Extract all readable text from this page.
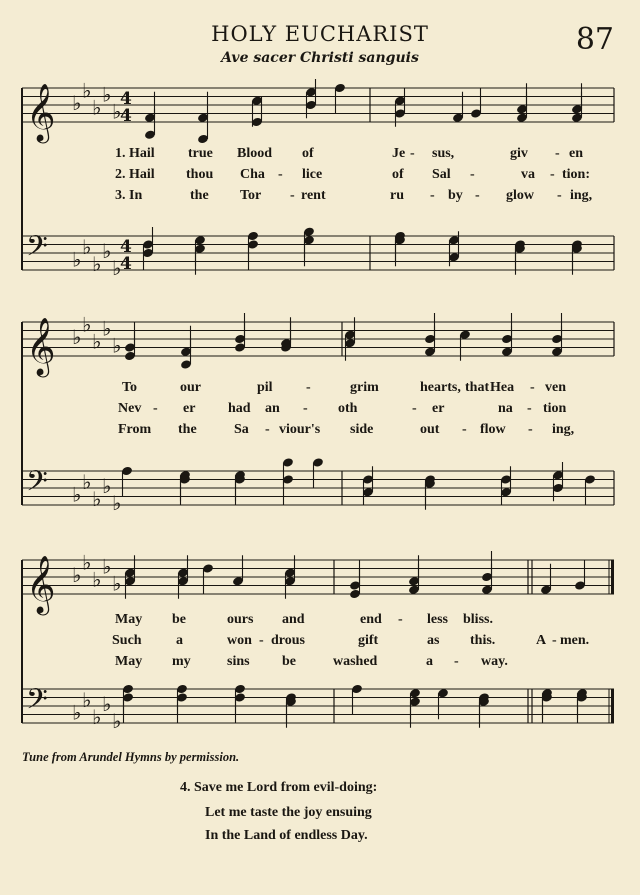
HOLY EUCHARIST
Ave sacer Christi sanguis
87
𝄞 ♭
♭
♭
♭
♭
4
4
𝄢 ♭
♭
♭
♭
♭
4
4
𝄞 ♭
♭
♭
♭
♭
𝄢 ♭
♭
♭
♭
♭
𝄞 ♭
♭
♭
♭
♭
𝄢 ♭
♭
♭
♭
♭
1. Hail true Blood of	Je - sus,	giv - en
2. Hail thou Cha - lice	of Sal -	va - tion:
3. In	the Tor - rent	ru - by - glow - ing,
To	our	pil -	grim	hearts, that Hea - ven
Nev - er had an - oth	- er	na - tion
From the	Sa - viour's side	out - flow - ing,
May be	ours and	end - less bliss.
Such a	won - drous	gift	as this.	A - men.
May my	sins be	washed	a - way.
Tune from Arundel Hymns by permission.
4. Save me Lord from evil-doing:
Let me taste the joy ensuing
In the Land of endless Day.
